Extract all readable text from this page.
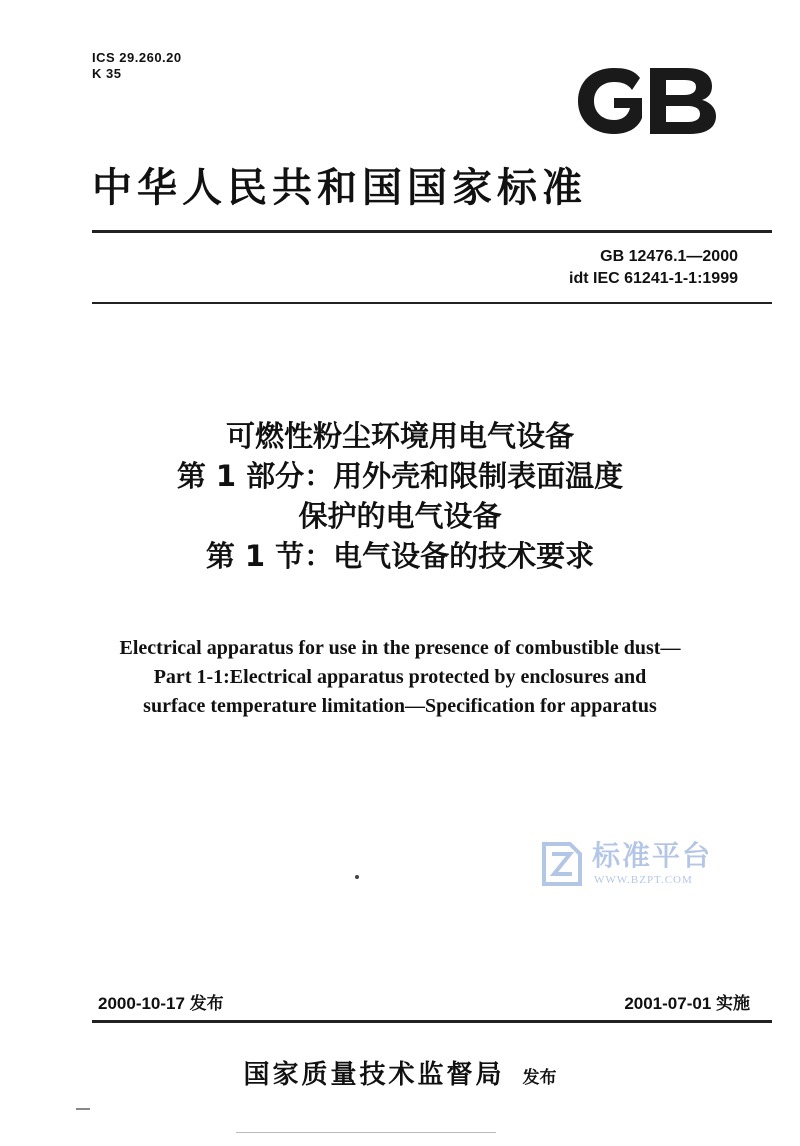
ICS 29.260.20
K 35
中华人民共和国国家标准
GB 12476.1—2000
idt IEC 61241-1-1:1999
可燃性粉尘环境用电气设备
第 1 部分：用外壳和限制表面温度
保护的电气设备
第 1 节：电气设备的技术要求
Electrical apparatus for use in the presence of combustible dust—
Part 1-1:Electrical apparatus protected by enclosures and
surface temperature limitation—Specification for apparatus
标准平台
WWW.BZPT.COM
2000-10-17 发布	2001-07-01 实施
国家质量技术监督局 发布
